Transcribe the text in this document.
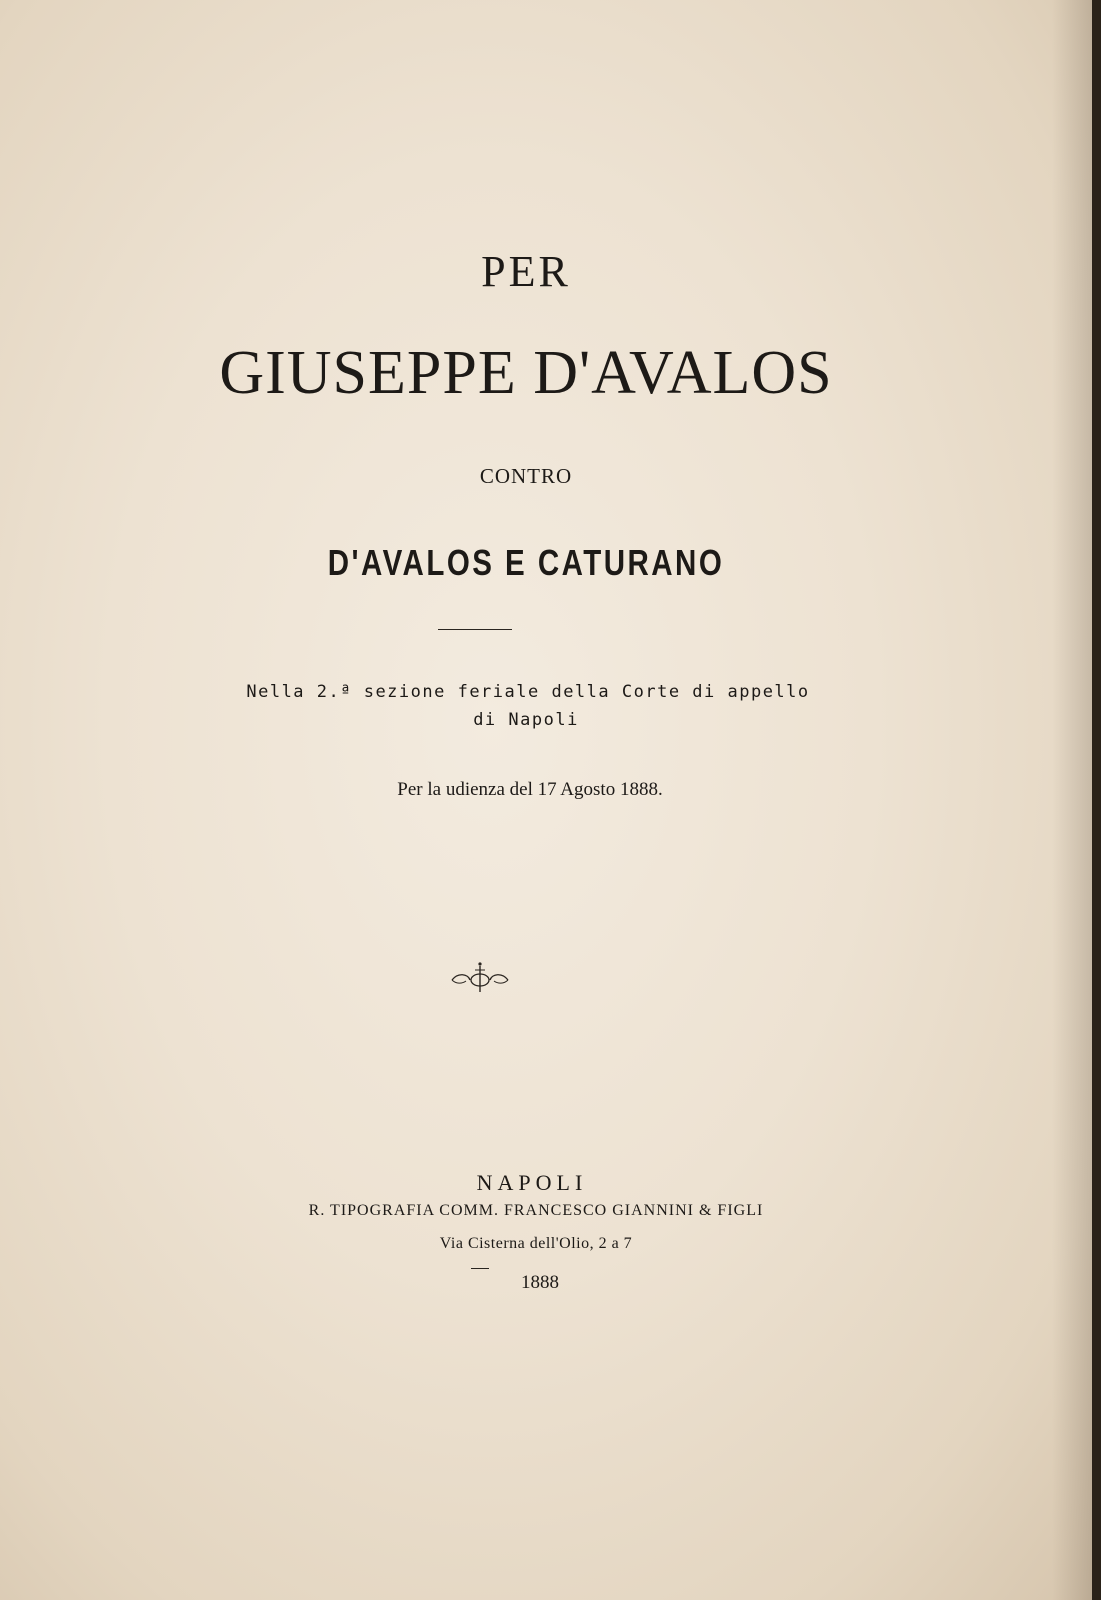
PER
GIUSEPPE D'AVALOS
CONTRO
D'AVALOS E CATURANO
Nella 2.ª sezione feriale della Corte di appello
di Napoli
Per la udienza del 17 Agosto 1888.
NAPOLI
R. TIPOGRAFIA COMM. FRANCESCO GIANNINI & FIGLI
Via Cisterna dell'Olio, 2 a 7
1888
